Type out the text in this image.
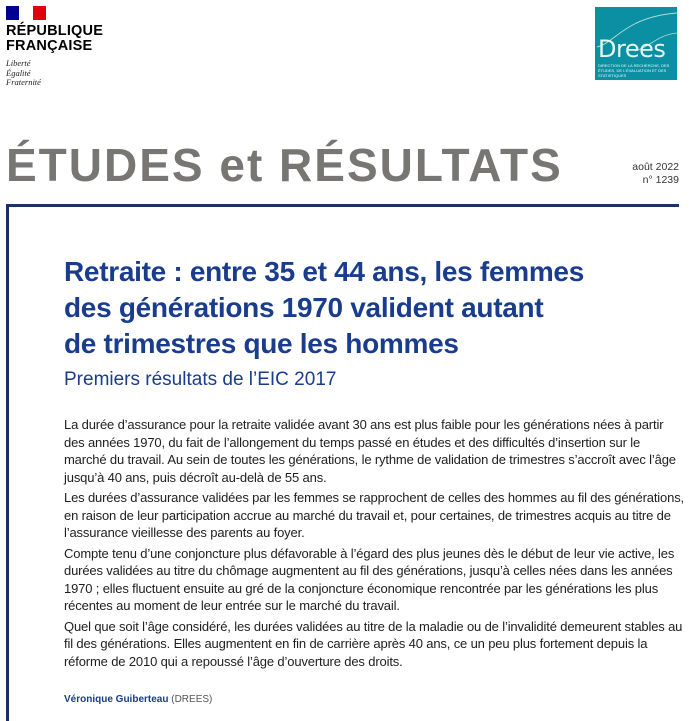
RÉPUBLIQUE
FRANÇAISE
Liberté
Égalité
Fraternité
Drees
DIRECTION DE LA RECHERCHE, DES ÉTUDES, DE L'ÉVALUATION ET DES STATISTIQUES
ÉTUDES et RÉSULTATS	août 2022
n° 1239
Retraite : entre 35 et 44 ans, les femmes
des générations 1970 valident autant
de trimestres que les hommes
Premiers résultats de l’EIC 2017

La durée d’assurance pour la retraite validée avant 30 ans est plus faible pour les générations nées à partir des années 1970, du fait de l’allongement du temps passé en études et des difficultés d’insertion sur le marché du travail. Au sein de toutes les générations, le rythme de validation de trimestres s’accroît avec l’âge jusqu’à 40 ans, puis décroît au-delà de 55 ans.

Les durées d’assurance validées par les femmes se rapprochent de celles des hommes au fil des générations, en raison de leur participation accrue au marché du travail et, pour certaines, de trimestres acquis au titre de l’assurance vieillesse des parents au foyer.

Compte tenu d’une conjoncture plus défavorable à l’égard des plus jeunes dès le début de leur vie active, les durées validées au titre du chômage augmentent au fil des générations, jusqu’à celles nées dans les années 1970 ; elles fluctuent ensuite au gré de la conjoncture économique rencontrée par les générations les plus récentes au moment de leur entrée sur le marché du travail.

Quel que soit l’âge considéré, les durées validées au titre de la maladie ou de l’invalidité demeurent stables au fil des générations. Elles augmentent en fin de carrière après 40 ans, ce un peu plus fortement depuis la réforme de 2010 qui a repoussé l’âge d’ouverture des droits.

Véronique Guiberteau (DREES)
